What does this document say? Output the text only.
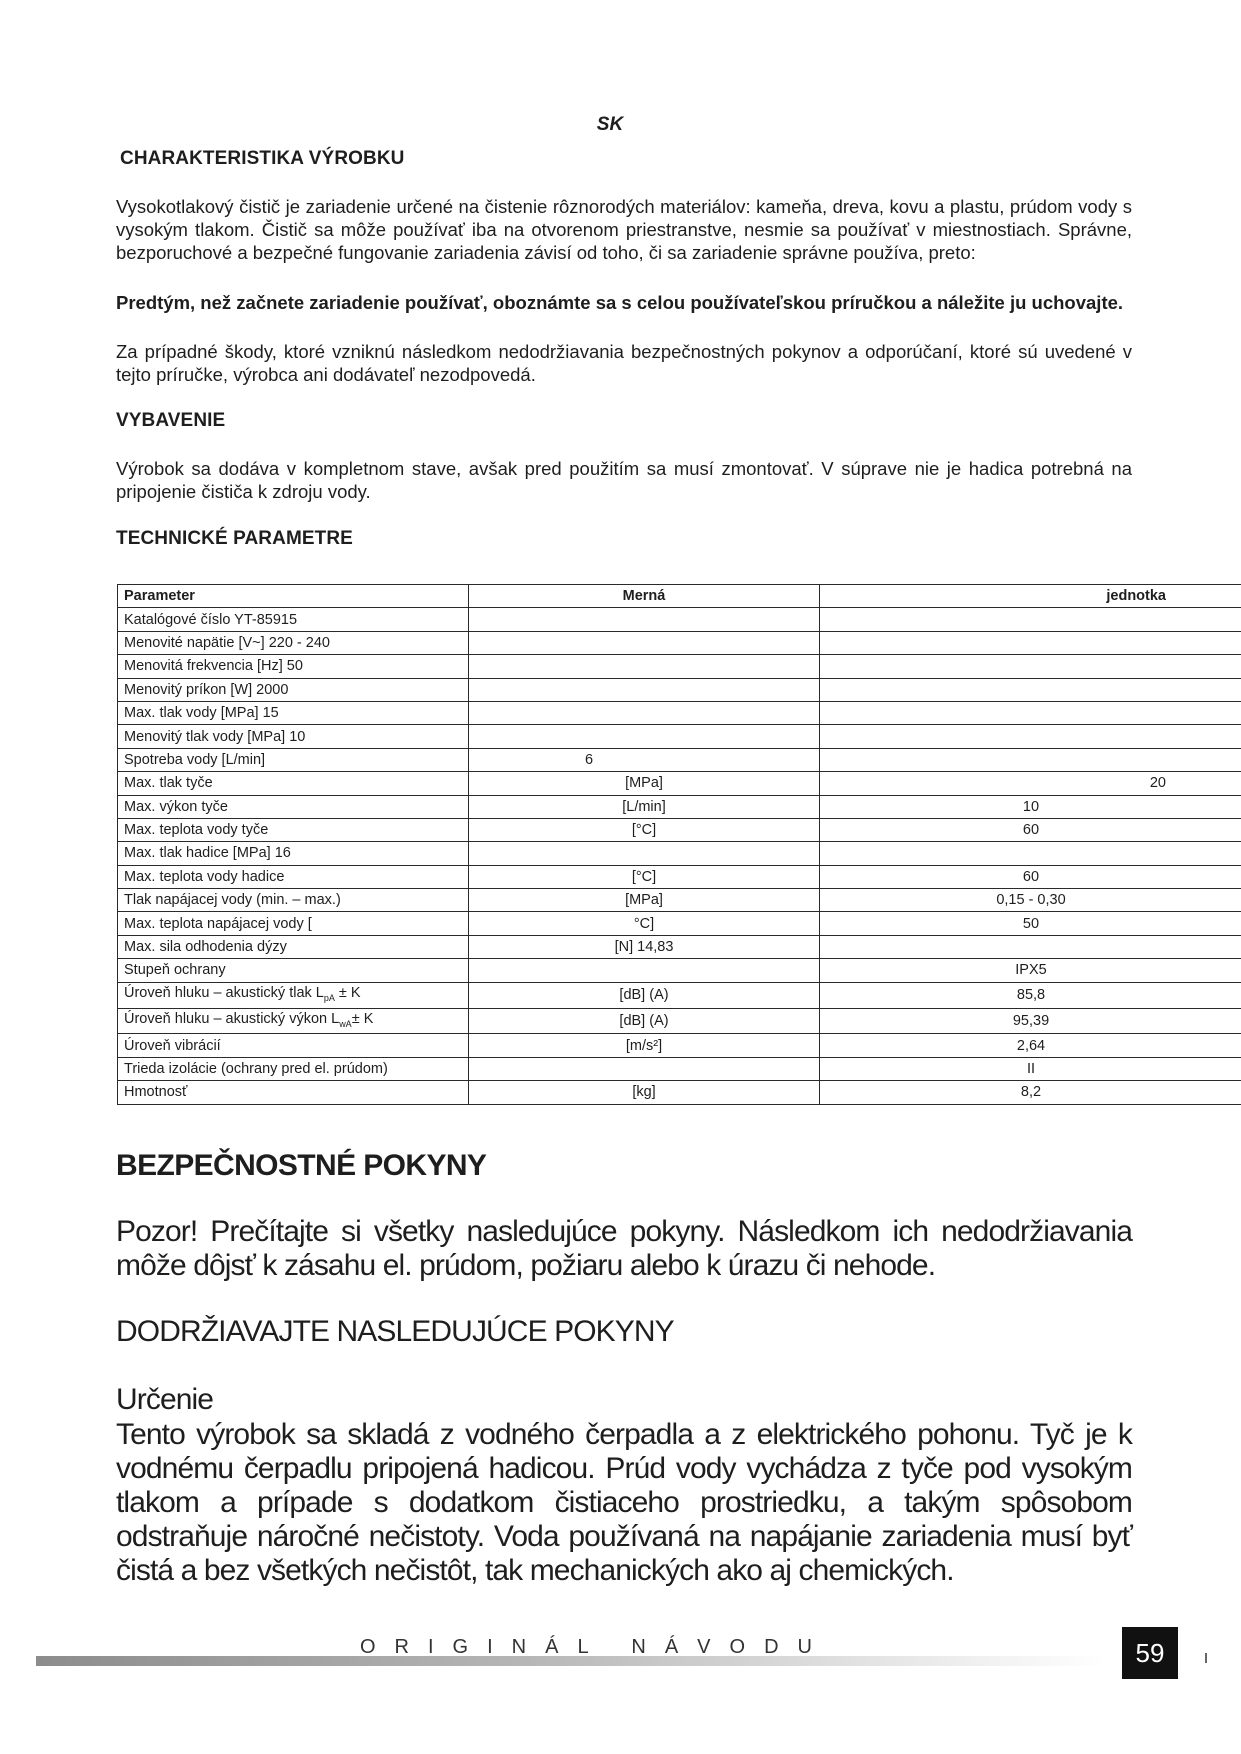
SK
CHARAKTERISTIKA VÝROBKU
Vysokotlakový čistič je zariadenie určené na čistenie rôznorodých materiálov: kameňa, dreva, kovu a plastu, prúdom vody s vysokým tlakom. Čistič sa môže používať iba na otvorenom priestranstve, nesmie sa používať v miestnostiach. Správne, bezporuchové a bezpečné fungovanie zariadenia závisí od toho, či sa zariadenie správne používa, preto:
Predtým, než začnete zariadenie používať, oboznámte sa s celou používateľskou príručkou a náležite ju uchovajte.
Za prípadné škody, ktoré vzniknú následkom nedodržiavania bezpečnostných pokynov a odporúčaní, ktoré sú uvedené v tejto príručke, výrobca ani dodávateľ nezodpovedá.
VYBAVENIE
Výrobok sa dodáva v kompletnom stave, avšak pred použitím sa musí zmontovať. V súprave nie je hadica potrebná na pripojenie čističa k zdroju vody.
TECHNICKÉ PARAMETRE
Parameter	Merná	jednotka
Katalógové číslo YT-85915		
Menovité napätie [V~] 220 - 240		
Menovitá frekvencia [Hz] 50		
Menovitý príkon [W] 2000		
Max. tlak vody [MPa] 15		
Menovitý tlak vody [MPa] 10		
Spotreba vody [L/min]	6	
Max. tlak tyče	[MPa]	20
Max. výkon tyče	[L/min]	10
Max. teplota vody tyče	[°C]	60
Max. tlak hadice [MPa] 16		
Max. teplota vody hadice	[°C]	60
Tlak napájacej vody (min. – max.)	[MPa]	0,15 - 0,30
Max. teplota napájacej vody [	°C]	50
Max. sila odhodenia dýzy	[N] 14,83	
Stupeň ochrany		IPX5
Úroveň hluku – akustický tlak $L_{pA} \pm K$	[dB] (A)	85,8
Úroveň hluku – akustický výkon $L_{wA}\pm K$	[dB] (A)	95,39
Úroveň vibrácií	[m/s²]	2,64
Trieda izolácie (ochrany pred el. prúdom)		II
Hmotnosť	[kg]	8,2
BEZPEČNOSTNÉ POKYNY
Pozor! Prečítajte si všetky nasledujúce pokyny. Následkom ich nedodržiavania môže dôjsť k zásahu el. prúdom, požiaru alebo k úrazu či nehode.
DODRŽIAVAJTE NASLEDUJÚCE POKYNY
Určenie
Tento výrobok sa skladá z vodného čerpadla a z elektrického pohonu. Tyč je k vodnému čerpadlu pripojená hadicou. Prúd vody vychádza z tyče pod vysokým tlakom a prípade s dodatkom čistiaceho prostriedku, a takým spôsobom odstraňuje náročné nečistoty. Voda používaná na napájanie zariadenia musí byť čistá a bez všetkých nečistôt, tak mechanických ako aj chemických.
ORIGINÁL NÁVODU	59
